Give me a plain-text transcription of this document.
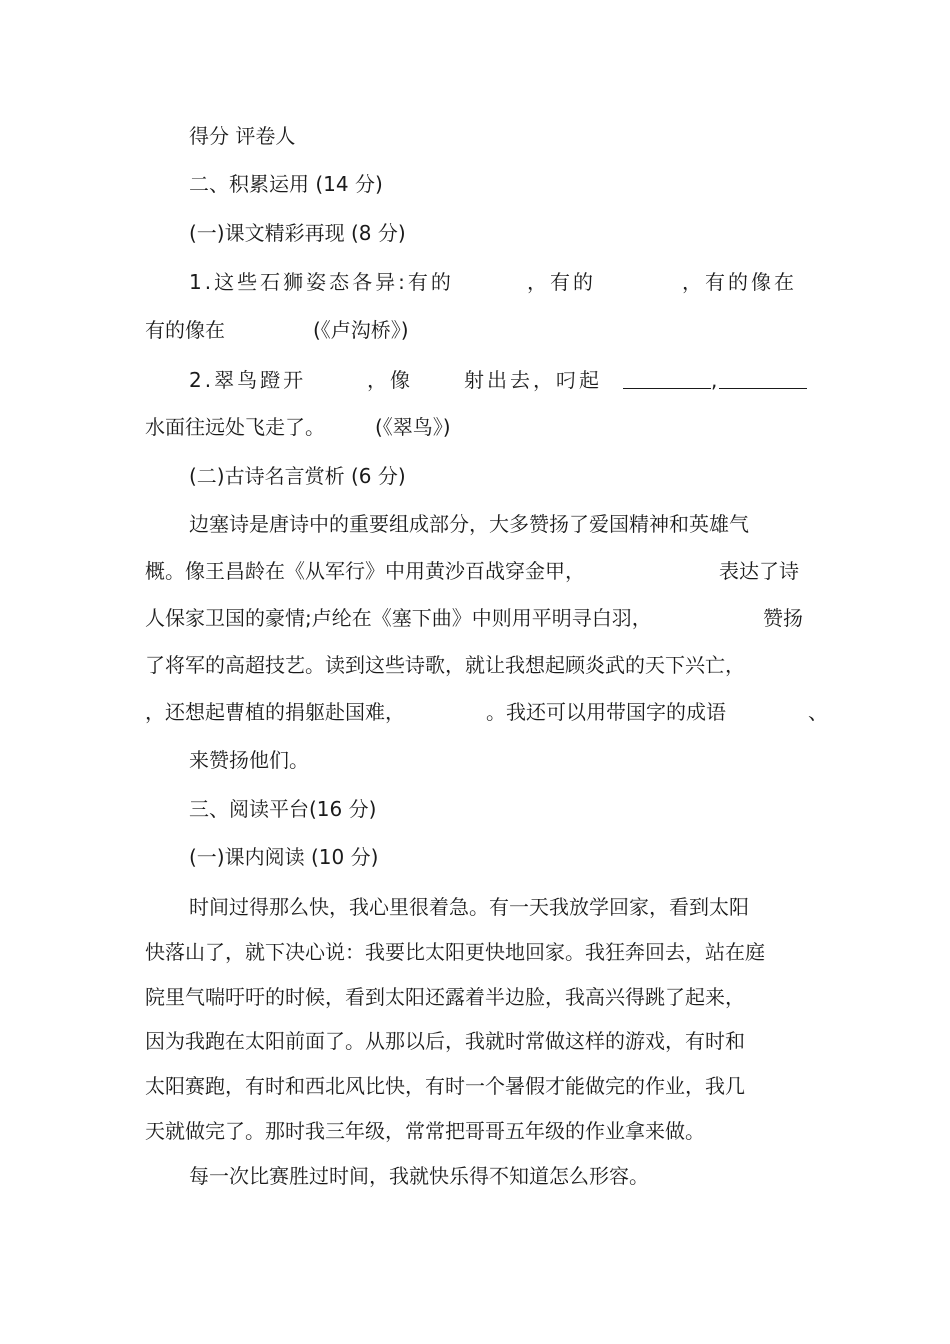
得分 评卷人
二、积累运用 (14 分)
(一)课文精彩再现 (8 分)
1.这些石狮姿态各异:有的	，有的	，有的像在
有的像在	(《卢沟桥》)
2.翠鸟蹬开	，像	射出去，叼起	,
水面往远处飞走了。	(《翠鸟》)
(二)古诗名言赏析 (6 分)
边塞诗是唐诗中的重要组成部分，大多赞扬了爱国精神和英雄气
概。像王昌龄在《从军行》中用黄沙百战穿金甲，	表达了诗
人保家卫国的豪情;卢纶在《塞下曲》中则用平明寻白羽，	赞扬
了将军的高超技艺。读到这些诗歌，就让我想起顾炎武的天下兴亡，
，还想起曹植的捐躯赴国难，	。我还可以用带国字的成语	、
来赞扬他们。
三、阅读平台(16 分)
(一)课内阅读 (10 分)
时间过得那么快，我心里很着急。有一天我放学回家，看到太阳
快落山了，就下决心说：我要比太阳更快地回家。我狂奔回去，站在庭
院里气喘吁吁的时候，看到太阳还露着半边脸，我高兴得跳了起来，
因为我跑在太阳前面了。从那以后，我就时常做这样的游戏，有时和
太阳赛跑，有时和西北风比快，有时一个暑假才能做完的作业，我几
天就做完了。那时我三年级，常常把哥哥五年级的作业拿来做。
每一次比赛胜过时间，我就快乐得不知道怎么形容。
